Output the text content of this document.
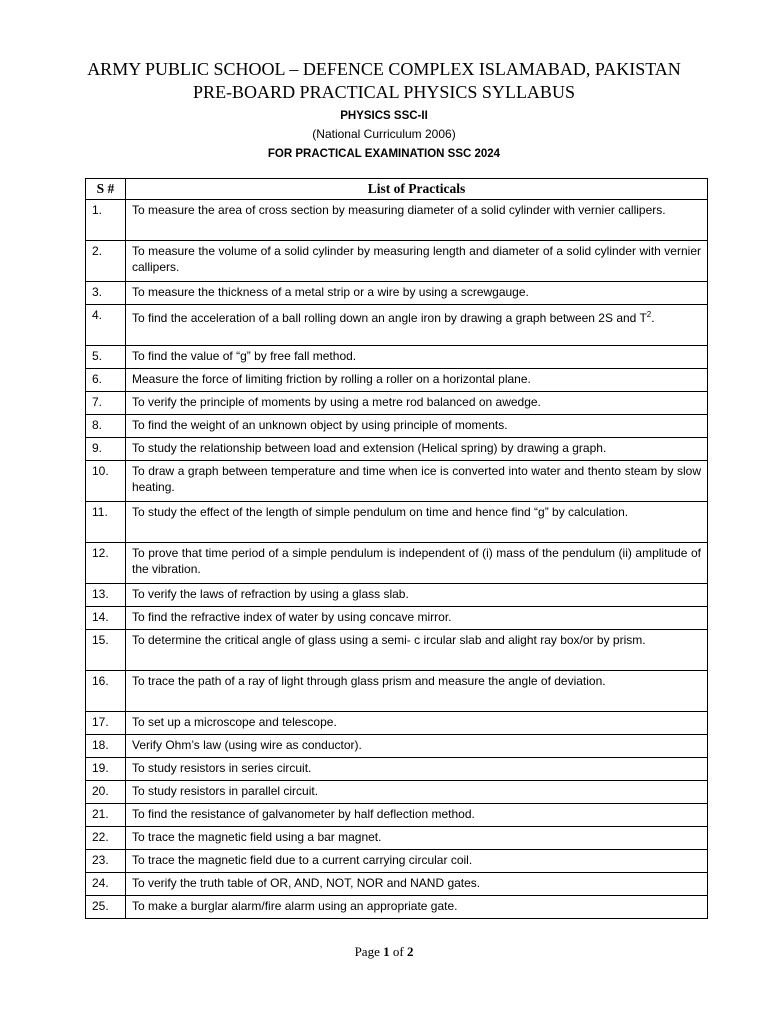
ARMY PUBLIC SCHOOL – DEFENCE COMPLEX ISLAMABAD, PAKISTAN
PRE-BOARD PRACTICAL PHYSICS SYLLABUS
PHYSICS SSC-II
(National Curriculum 2006)
FOR PRACTICAL EXAMINATION SSC 2024
S #	List of Practicals
1.	To measure the area of cross section by measuring diameter of a solid cylinder with vernier callipers.
2.	To measure the volume of a solid cylinder by measuring length and diameter of a solid cylinder with vernier callipers.
3.	To measure the thickness of a metal strip or a wire by using a screwgauge.
4.	To find the acceleration of a ball rolling down an angle iron by drawing a graph between 2S and $T^2$.
5.	To find the value of “g” by free fall method.
6.	Measure the force of limiting friction by rolling a roller on a horizontal plane.
7.	To verify the principle of moments by using a metre rod balanced on awedge.
8.	To find the weight of an unknown object by using principle of moments.
9.	To study the relationship between load and extension (Helical spring) by drawing a graph.
10.	To draw a graph between temperature and time when ice is converted into water and thento steam by slow heating.
11.	To study the effect of the length of simple pendulum on time and hence find “g” by calculation.
12.	To prove that time period of a simple pendulum is independent of (i) mass of the pendulum (ii) amplitude of the vibration.
13.	To verify the laws of refraction by using a glass slab.
14.	To find the refractive index of water by using concave mirror.
15.	To determine the critical angle of glass using a semi- c ircular slab and alight ray box/or by prism.
16.	To trace the path of a ray of light through glass prism and measure the angle of deviation.
17.	To set up a microscope and telescope.
18.	Verify Ohm’s law (using wire as conductor).
19.	To study resistors in series circuit.
20.	To study resistors in parallel circuit.
21.	To find the resistance of galvanometer by half deflection method.
22.	To trace the magnetic field using a bar magnet.
23.	To trace the magnetic field due to a current carrying circular coil.
24.	To verify the truth table of OR, AND, NOT, NOR and NAND gates.
25.	To make a burglar alarm/fire alarm using an appropriate gate.
Page 1 of 2
